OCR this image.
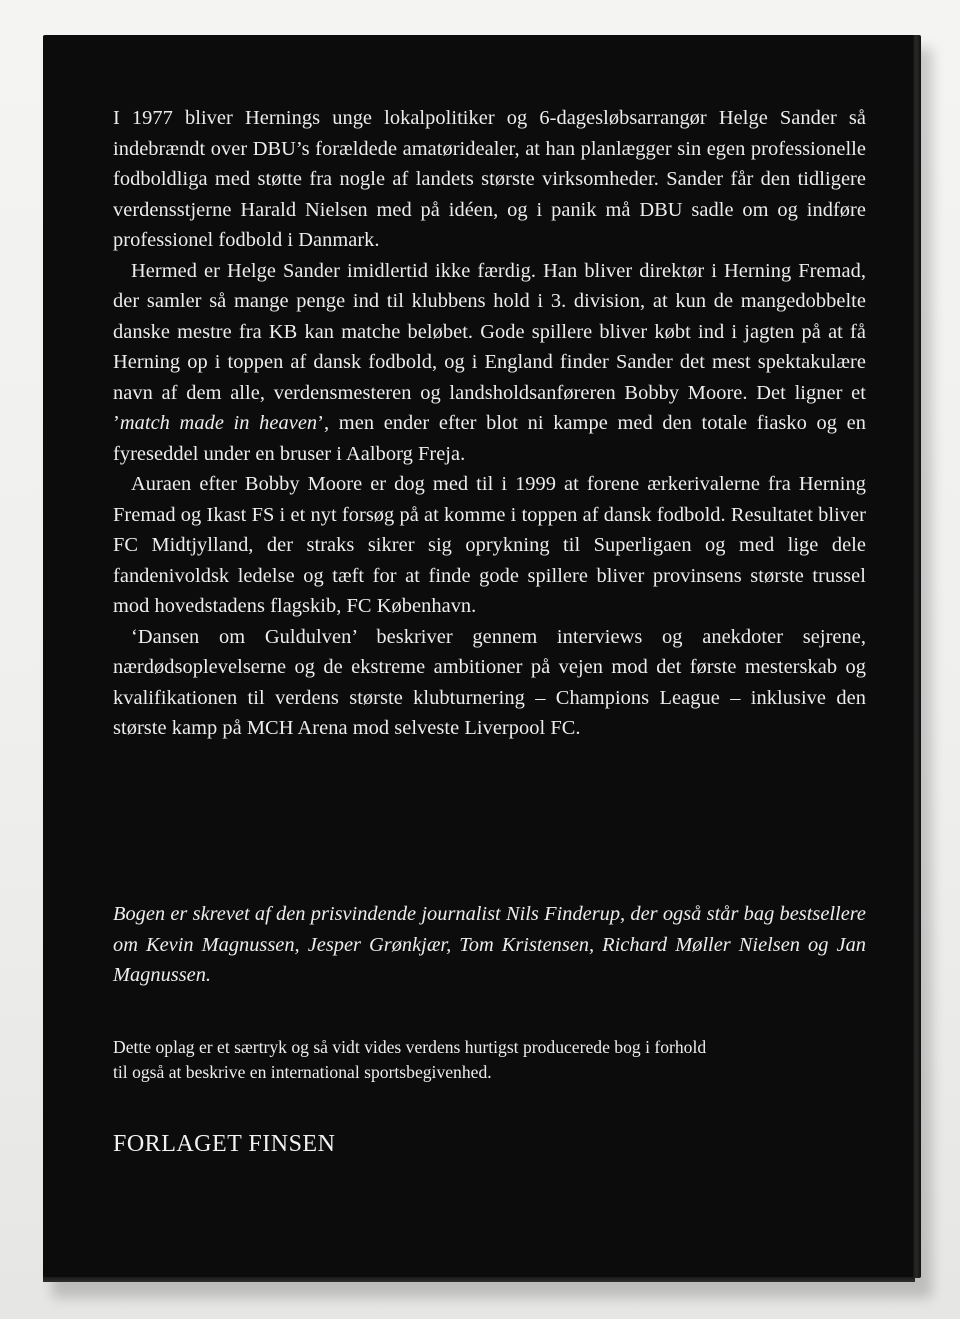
I 1977 bliver Hernings unge lokalpolitiker og 6-dagesløbsarrangør Helge Sander så indebrændt over DBU’s forældede amatøridealer, at han planlægger sin egen professionelle fodboldliga med støtte fra nogle af landets største virksomheder. Sander får den tidligere verdensstjerne Harald Nielsen med på idéen, og i panik må DBU sadle om og indføre professionel fodbold i Danmark.

Hermed er Helge Sander imidlertid ikke færdig. Han bliver direktør i Herning Fremad, der samler så mange penge ind til klubbens hold i 3. division, at kun de mangedobbelte danske mestre fra KB kan matche beløbet. Gode spillere bliver købt ind i jagten på at få Herning op i toppen af dansk fodbold, og i England finder Sander det mest spektakulære navn af dem alle, verdensmesteren og landsholdsanføreren Bobby Moore. Det ligner et ’match made in heaven’, men ender efter blot ni kampe med den totale fiasko og en fyreseddel under en bruser i Aalborg Freja.

Auraen efter Bobby Moore er dog med til i 1999 at forene ærkerivalerne fra Herning Fremad og Ikast FS i et nyt forsøg på at komme i toppen af dansk fodbold. Resultatet bliver FC Midtjylland, der straks sikrer sig oprykning til Superligaen og med lige dele fandenivoldsk ledelse og tæft for at finde gode spillere bliver provinsens største trussel mod hovedstadens flagskib, FC København.

‘Dansen om Guldulven’ beskriver gennem interviews og anekdoter sejrene, nærdødsoplevelserne og de ekstreme ambitioner på vejen mod det første mesterskab og kvalifikationen til verdens største klubturnering – Champions League – inklusive den største kamp på MCH Arena mod selveste Liverpool FC.

Bogen er skrevet af den prisvindende journalist Nils Finderup, der også står bag bestsellere om Kevin Magnussen, Jesper Grønkjær, Tom Kristensen, Richard Møller Nielsen og Jan Magnussen.
Dette oplag er et særtryk og så vidt vides verdens hurtigst producerede bog i forhold
til også at beskrive en international sportsbegivenhed.
FORLAGET FINSEN
